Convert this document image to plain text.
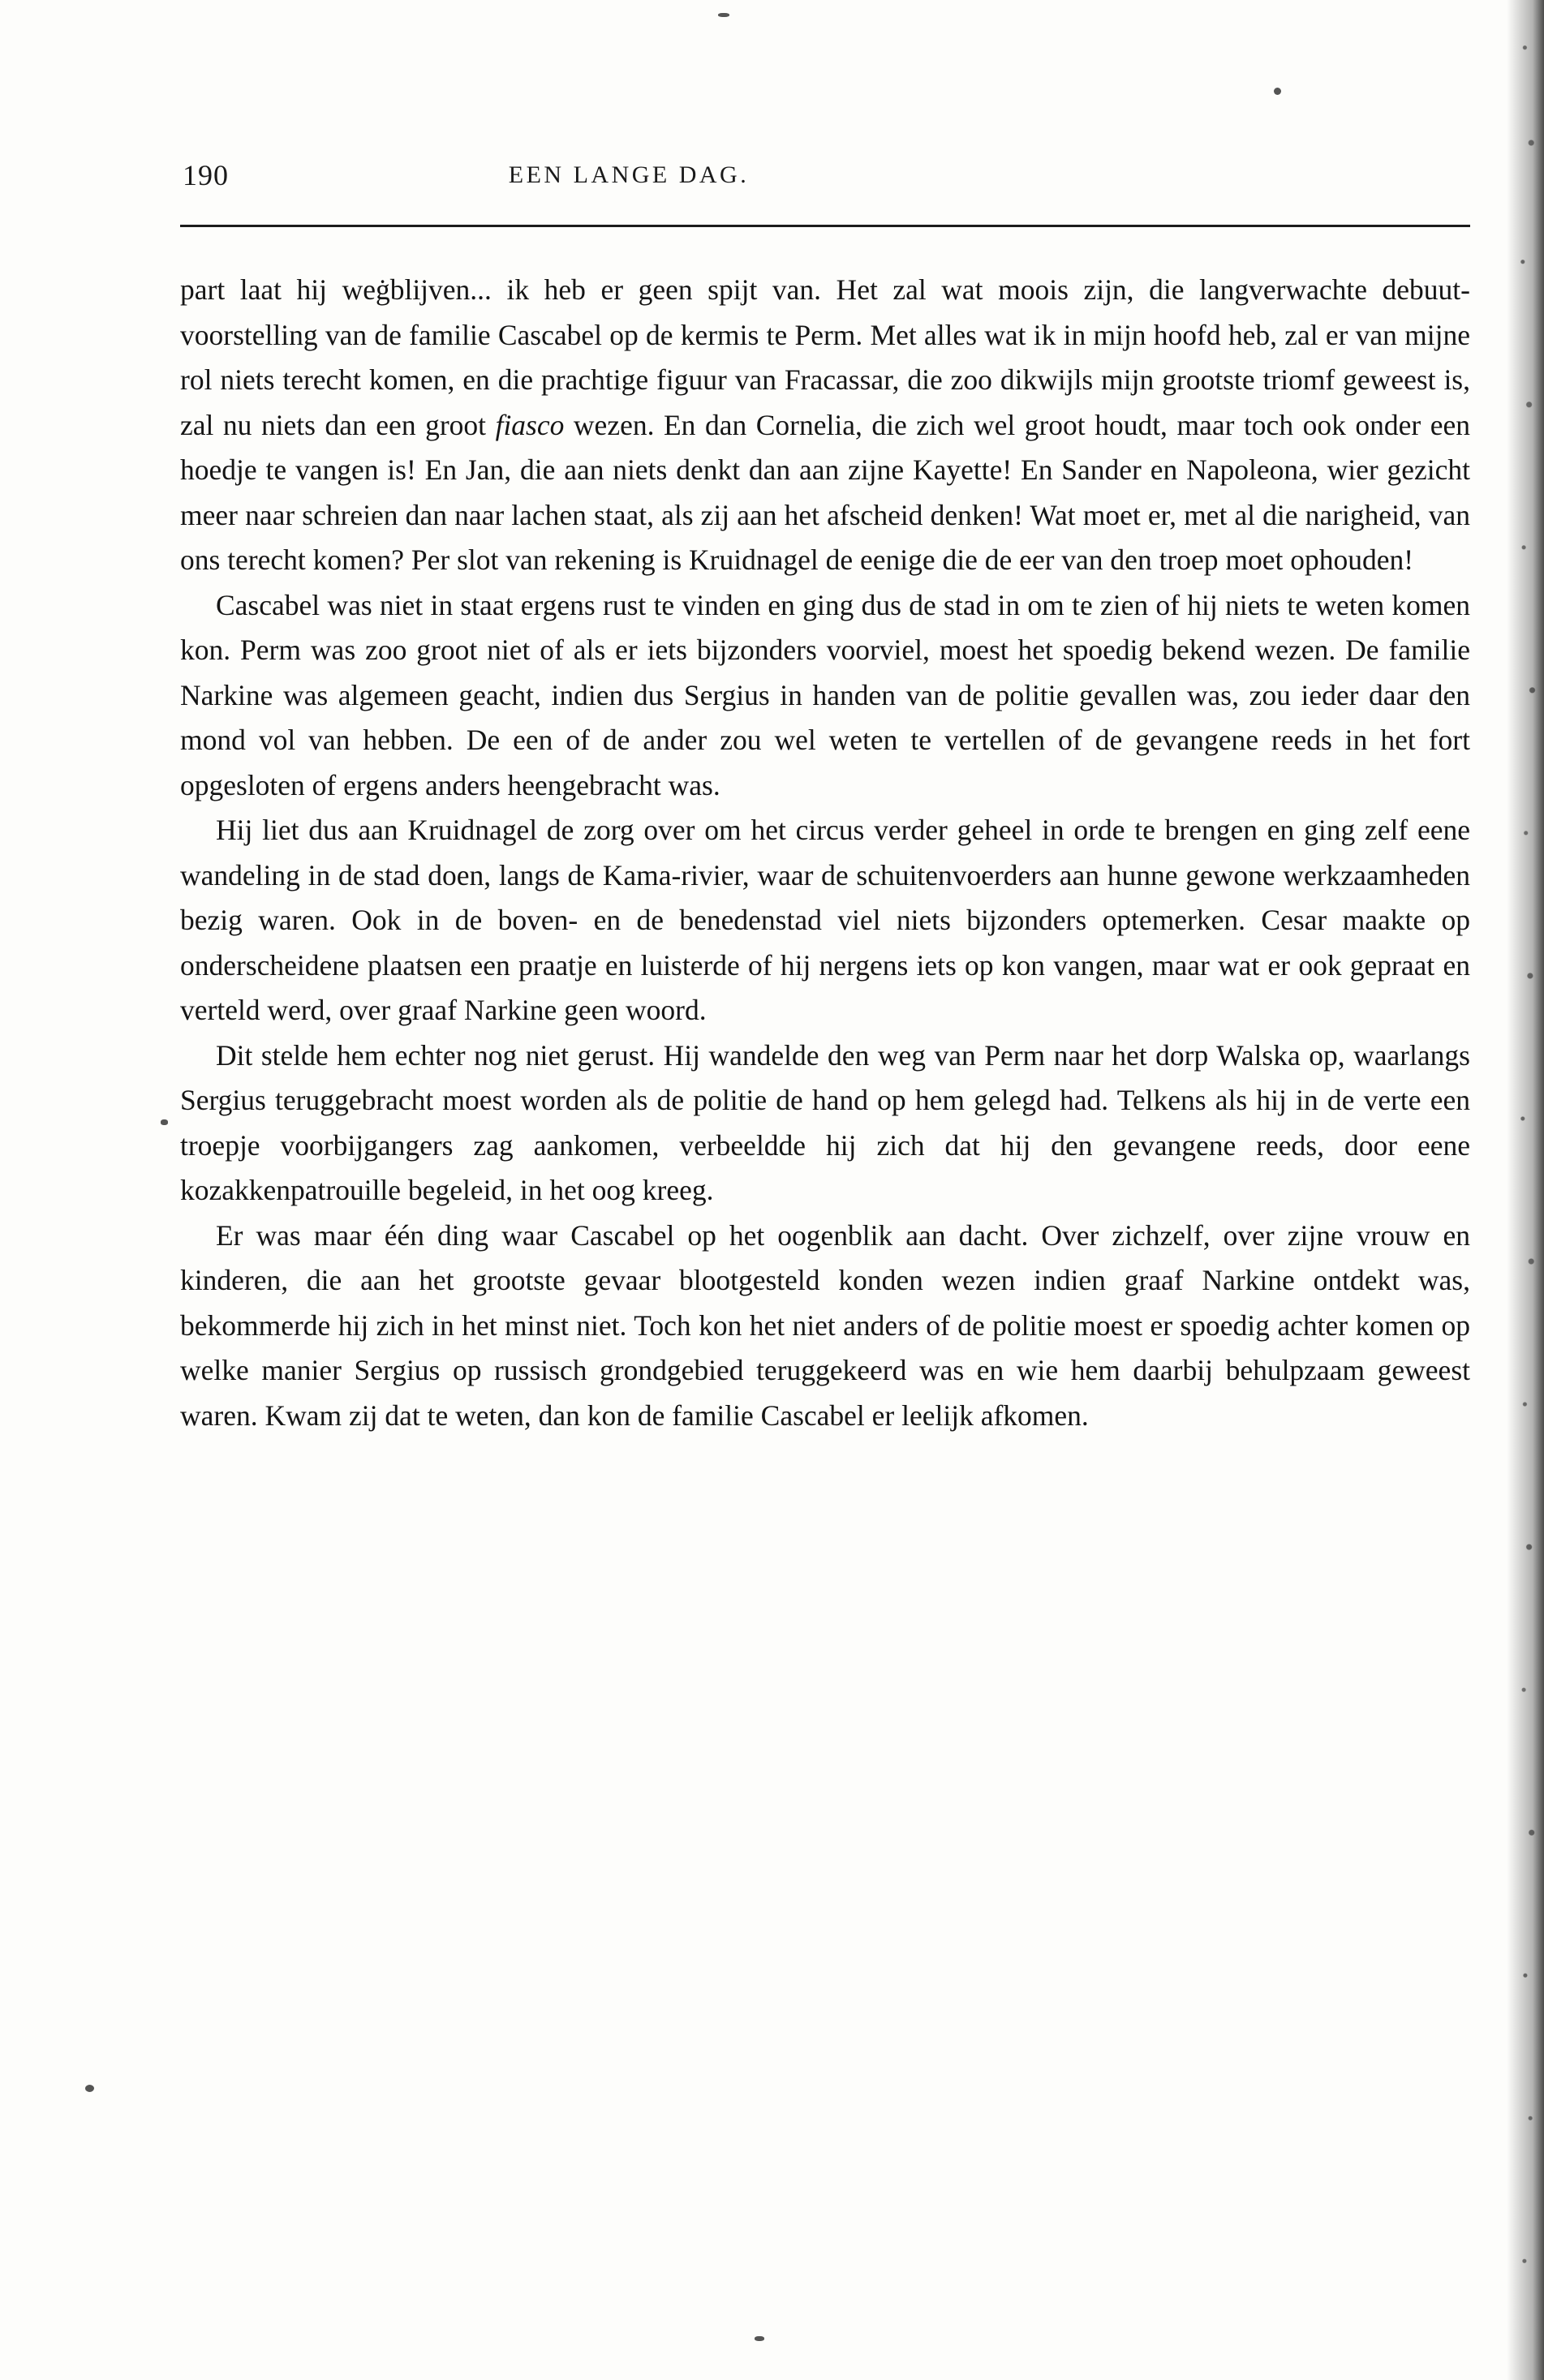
190	EEN LANGE DAG.

part laat hij weġblijven... ik heb er geen spijt van. Het zal wat moois zijn, die langverwachte debuut-voorstelling van de familie Cascabel op de kermis te Perm. Met alles wat ik in mijn hoofd heb, zal er van mijne rol niets terecht komen, en die prachtige figuur van Fracassar, die zoo dikwijls mijn grootste triomf geweest is, zal nu niets dan een groot fiasco wezen. En dan Cornelia, die zich wel groot houdt, maar toch ook onder een hoedje te vangen is! En Jan, die aan niets denkt dan aan zijne Kayette! En Sander en Napoleona, wier gezicht meer naar schreien dan naar lachen staat, als zij aan het afscheid denken! Wat moet er, met al die narigheid, van ons terecht komen? Per slot van rekening is Kruidnagel de eenige die de eer van den troep moet ophouden!

Cascabel was niet in staat ergens rust te vinden en ging dus de stad in om te zien of hij niets te weten komen kon. Perm was zoo groot niet of als er iets bijzonders voorviel, moest het spoedig bekend wezen. De familie Narkine was algemeen geacht, indien dus Sergius in handen van de politie gevallen was, zou ieder daar den mond vol van hebben. De een of de ander zou wel weten te vertellen of de gevangene reeds in het fort opgesloten of ergens anders heengebracht was.

Hij liet dus aan Kruidnagel de zorg over om het circus verder geheel in orde te brengen en ging zelf eene wandeling in de stad doen, langs de Kama-rivier, waar de schuitenvoerders aan hunne gewone werkzaamheden bezig waren. Ook in de boven- en de benedenstad viel niets bijzonders optemerken. Cesar maakte op onderscheidene plaatsen een praatje en luisterde of hij nergens iets op kon vangen, maar wat er ook gepraat en verteld werd, over graaf Narkine geen woord.

Dit stelde hem echter nog niet gerust. Hij wandelde den weg van Perm naar het dorp Walska op, waarlangs Sergius teruggebracht moest worden als de politie de hand op hem gelegd had. Telkens als hij in de verte een troepje voorbijgangers zag aankomen, verbeeldde hij zich dat hij den gevangene reeds, door eene kozakkenpatrouille begeleid, in het oog kreeg.

Er was maar één ding waar Cascabel op het oogenblik aan dacht. Over zichzelf, over zijne vrouw en kinderen, die aan het grootste gevaar blootgesteld konden wezen indien graaf Narkine ontdekt was, bekommerde hij zich in het minst niet. Toch kon het niet anders of de politie moest er spoedig achter komen op welke manier Sergius op russisch grondgebied teruggekeerd was en wie hem daarbij behulpzaam geweest waren. Kwam zij dat te weten, dan kon de familie Cascabel er leelijk afkomen.
